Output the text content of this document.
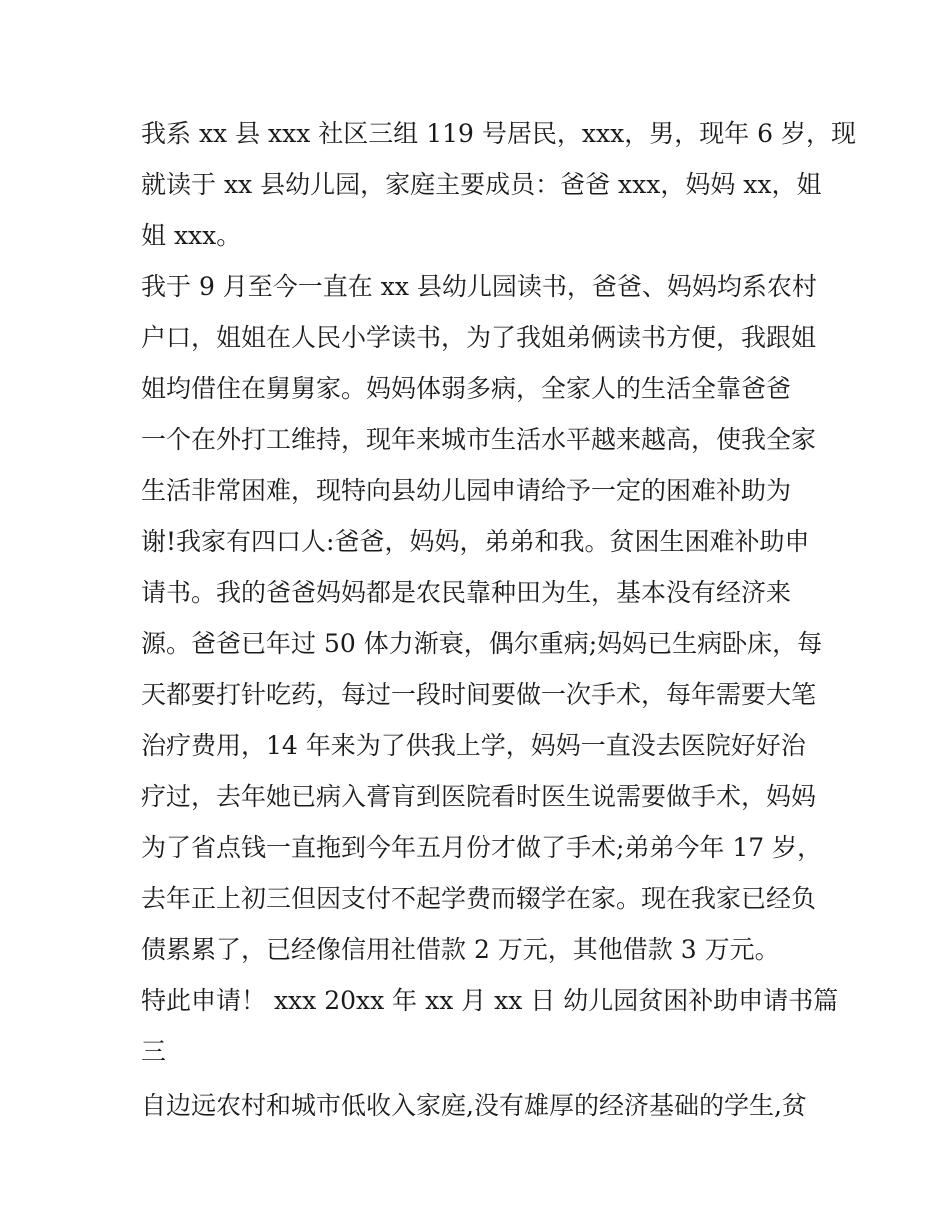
我系 xx 县 xxx 社区三组 119 号居民，xxx，男，现年 6 岁，现
就读于 xx 县幼儿园，家庭主要成员：爸爸 xxx，妈妈 xx，姐
姐 xxx。
我于 9 月至今一直在 xx 县幼儿园读书，爸爸、妈妈均系农村
户口，姐姐在人民小学读书，为了我姐弟俩读书方便，我跟姐
姐均借住在舅舅家。妈妈体弱多病，全家人的生活全靠爸爸
一个在外打工维持，现年来城市生活水平越来越高，使我全家
生活非常困难，现特向县幼儿园申请给予一定的困难补助为
谢!我家有四口人:爸爸，妈妈，弟弟和我。贫困生困难补助申
请书。我的爸爸妈妈都是农民靠种田为生，基本没有经济来
源。爸爸已年过 50 体力渐衰，偶尔重病;妈妈已生病卧床，每
天都要打针吃药，每过一段时间要做一次手术，每年需要大笔
治疗费用，14 年来为了供我上学，妈妈一直没去医院好好治
疗过，去年她已病入膏肓到医院看时医生说需要做手术，妈妈
为了省点钱一直拖到今年五月份才做了手术;弟弟今年 17 岁，
去年正上初三但因支付不起学费而辍学在家。现在我家已经负
债累累了，已经像信用社借款 2 万元，其他借款 3 万元。
特此申请！ xxx 20xx 年 xx 月 xx 日 幼儿园贫困补助申请书篇
三
自边远农村和城市低收入家庭,没有雄厚的经济基础的学生,贫
